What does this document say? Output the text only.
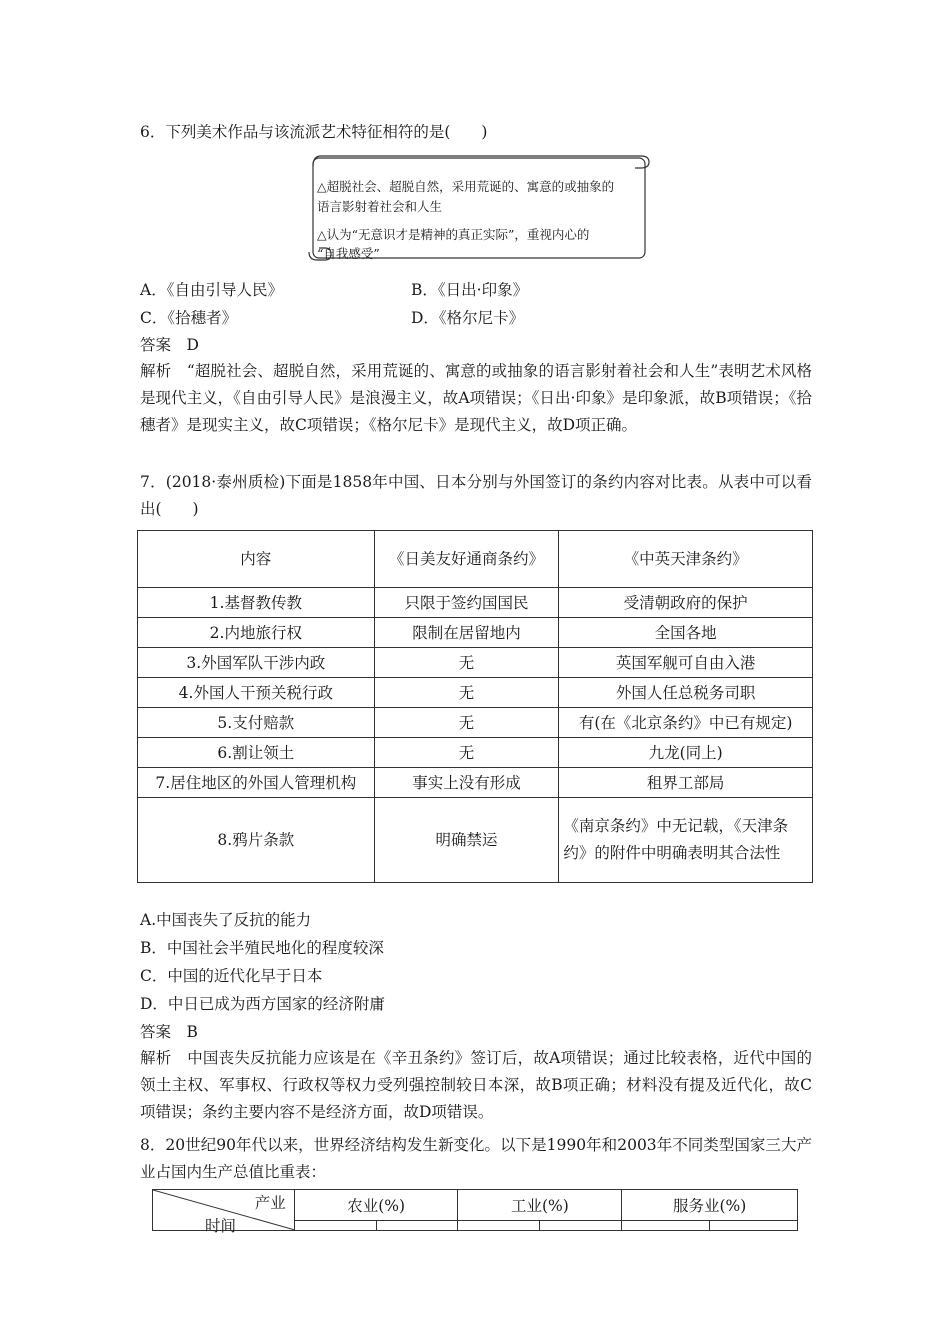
6．下列美术作品与该流派艺术特征相符的是(　　)
△超脱社会、超脱自然，采用荒诞的、寓意的或抽象的
语言影射着社会和人生
△认为“无意识才是精神的真正实际”，重视内心的
“自我感受”
A．《自由引导人民》	B．《日出·印象》
C．《拾穗者》	D．《格尔尼卡》
答案　D
解析　“超脱社会、超脱自然，采用荒诞的、寓意的或抽象的语言影射着社会和人生”表明艺术风格是现代主义，《自由引导人民》是浪漫主义，故A项错误；《日出·印象》是印象派，故B项错误；《拾穗者》是现实主义，故C项错误；《格尔尼卡》是现代主义，故D项正确。
7．(2018·泰州质检)下面是1858年中国、日本分别与外国签订的条约内容对比表。从表中可以看出(　　)
内容	《日美友好通商条约》	《中英天津条约》
1.基督教传教	只限于签约国国民	受清朝政府的保护
2.内地旅行权	限制在居留地内	全国各地
3.外国军队干涉内政	无	英国军舰可自由入港
4.外国人干预关税行政	无	外国人任总税务司职
5.支付赔款	无	有(在《北京条约》中已有规定)
6.割让领土	无	九龙(同上)
7.居住地区的外国人管理机构	事实上没有形成	租界工部局
8.鸦片条款	明确禁运	《南京条约》中无记载，《天津条约》的附件中明确表明其合法性
A.中国丧失了反抗的能力
B．中国社会半殖民地化的程度较深
C．中国的近代化早于日本
D．中日已成为西方国家的经济附庸
答案　B
解析　中国丧失反抗能力应该是在《辛丑条约》签订后，故A项错误；通过比较表格，近代中国的领土主权、军事权、行政权等权力受列强控制较日本深，故B项正确；材料没有提及近代化，故C项错误；条约主要内容不是经济方面，故D项错误。
8．20世纪90年代以来，世界经济结构发生新变化。以下是1990年和2003年不同类型国家三大产业占国内生产总值比重表：
产业
时间	农业(%)		工业(%)		服务业(%)	
